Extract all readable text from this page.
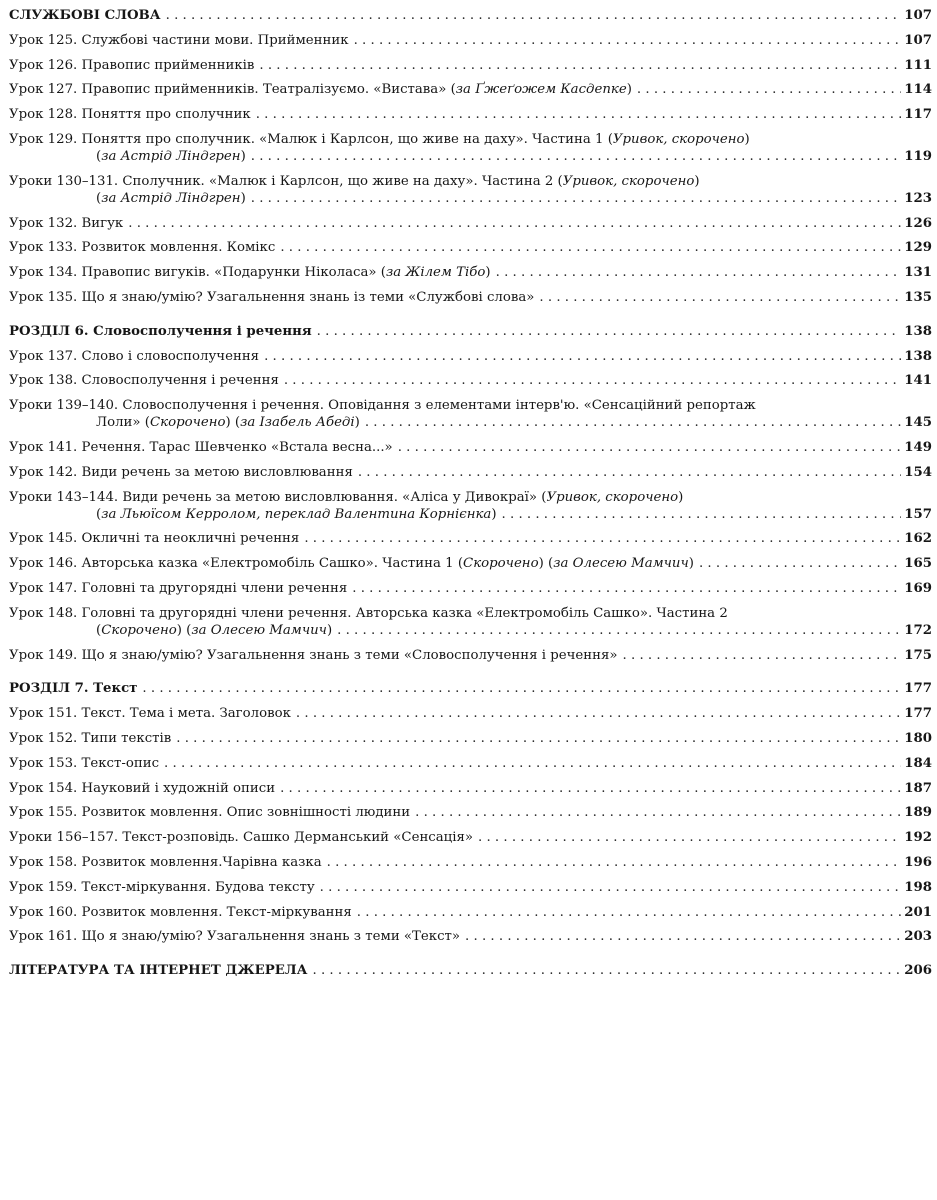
СЛУЖБОВІ СЛОВА . . .	107
Урок 125. Службові частини мови. Прийменник . . .	107
Урок 126. Правопис прийменників . . .	111
Урок 127. Правопис прийменників. Театралізуємо. «Вистава» (за Ґжеґожем Касдепке) . . .	114
Урок 128. Поняття про сполучник . . .	117
Урок 129. Поняття про сполучник. «Малюк і Карлсон, що живе на даху». Частина 1 (Уривок, скорочено)
(за Астрід Ліндгрен) . . .	119
Уроки 130–131. Сполучник. «Малюк і Карлсон, що живе на даху». Частина 2 (Уривок, скорочено)
(за Астрід Ліндгрен) . . .	123
Урок 132. Вигук . . .	126
Урок 133. Розвиток мовлення. Комікс . . .	129
Урок 134. Правопис вигуків. «Подарунки Ніколаса» (за Жілем Тібо) . . .	131
Урок 135. Що я знаю/умію? Узагальнення знань із теми «Службові слова» . . .	135
РОЗДІЛ 6. Словосполучення і речення . . .	138
Урок 137. Слово і словосполучення . . .	138
Урок 138. Словосполучення і речення . . .	141
Уроки 139–140. Словосполучення і речення. Оповідання з елементами інтерв'ю. «Сенсаційний репортаж
Лоли» (Скорочено) (за Ізабель Абеді) . . .	145
Урок 141. Речення. Тарас Шевченко «Встала весна...» . . .	149
Урок 142. Види речень за метою висловлювання . . .	154
Уроки 143–144. Види речень за метою висловлювання. «Аліса у Дивокраї» (Уривок, скорочено)
(за Льюїсом Керролом, переклад Валентина Корнієнка) . . .	157
Урок 145. Окличні та неокличні речення . . .	162
Урок 146. Авторська казка «Електромобіль Сашко». Частина 1 (Скорочено) (за Олесею Мамчич) . . .	165
Урок 147. Головні та другорядні члени речення . . .	169
Урок 148. Головні та другорядні члени речення. Авторська казка «Електромобіль Сашко». Частина 2
(Скорочено) (за Олесею Мамчич) . . .	172
Урок 149. Що я знаю/умію? Узагальнення знань з теми «Словосполучення і речення» . . .	175
РОЗДІЛ 7. Текст . . .	177
Урок 151. Текст. Тема і мета. Заголовок . . .	177
Урок 152. Типи текстів . . .	180
Урок 153. Текст-опис . . .	184
Урок 154. Науковий і художній описи . . .	187
Урок 155. Розвиток мовлення. Опис зовнішності людини . . .	189
Уроки 156–157. Текст-розповідь. Сашко Дерманський «Сенсація» . . .	192
Урок 158. Розвиток мовлення.Чарівна казка . . .	196
Урок 159. Текст-міркування. Будова тексту . . .	198
Урок 160. Розвиток мовлення. Текст-міркування . . .	201
Урок 161. Що я знаю/умію? Узагальнення знань з теми «Текст» . . .	203
ЛІТЕРАТУРА ТА ІНТЕРНЕТ ДЖЕРЕЛА . . .	206
